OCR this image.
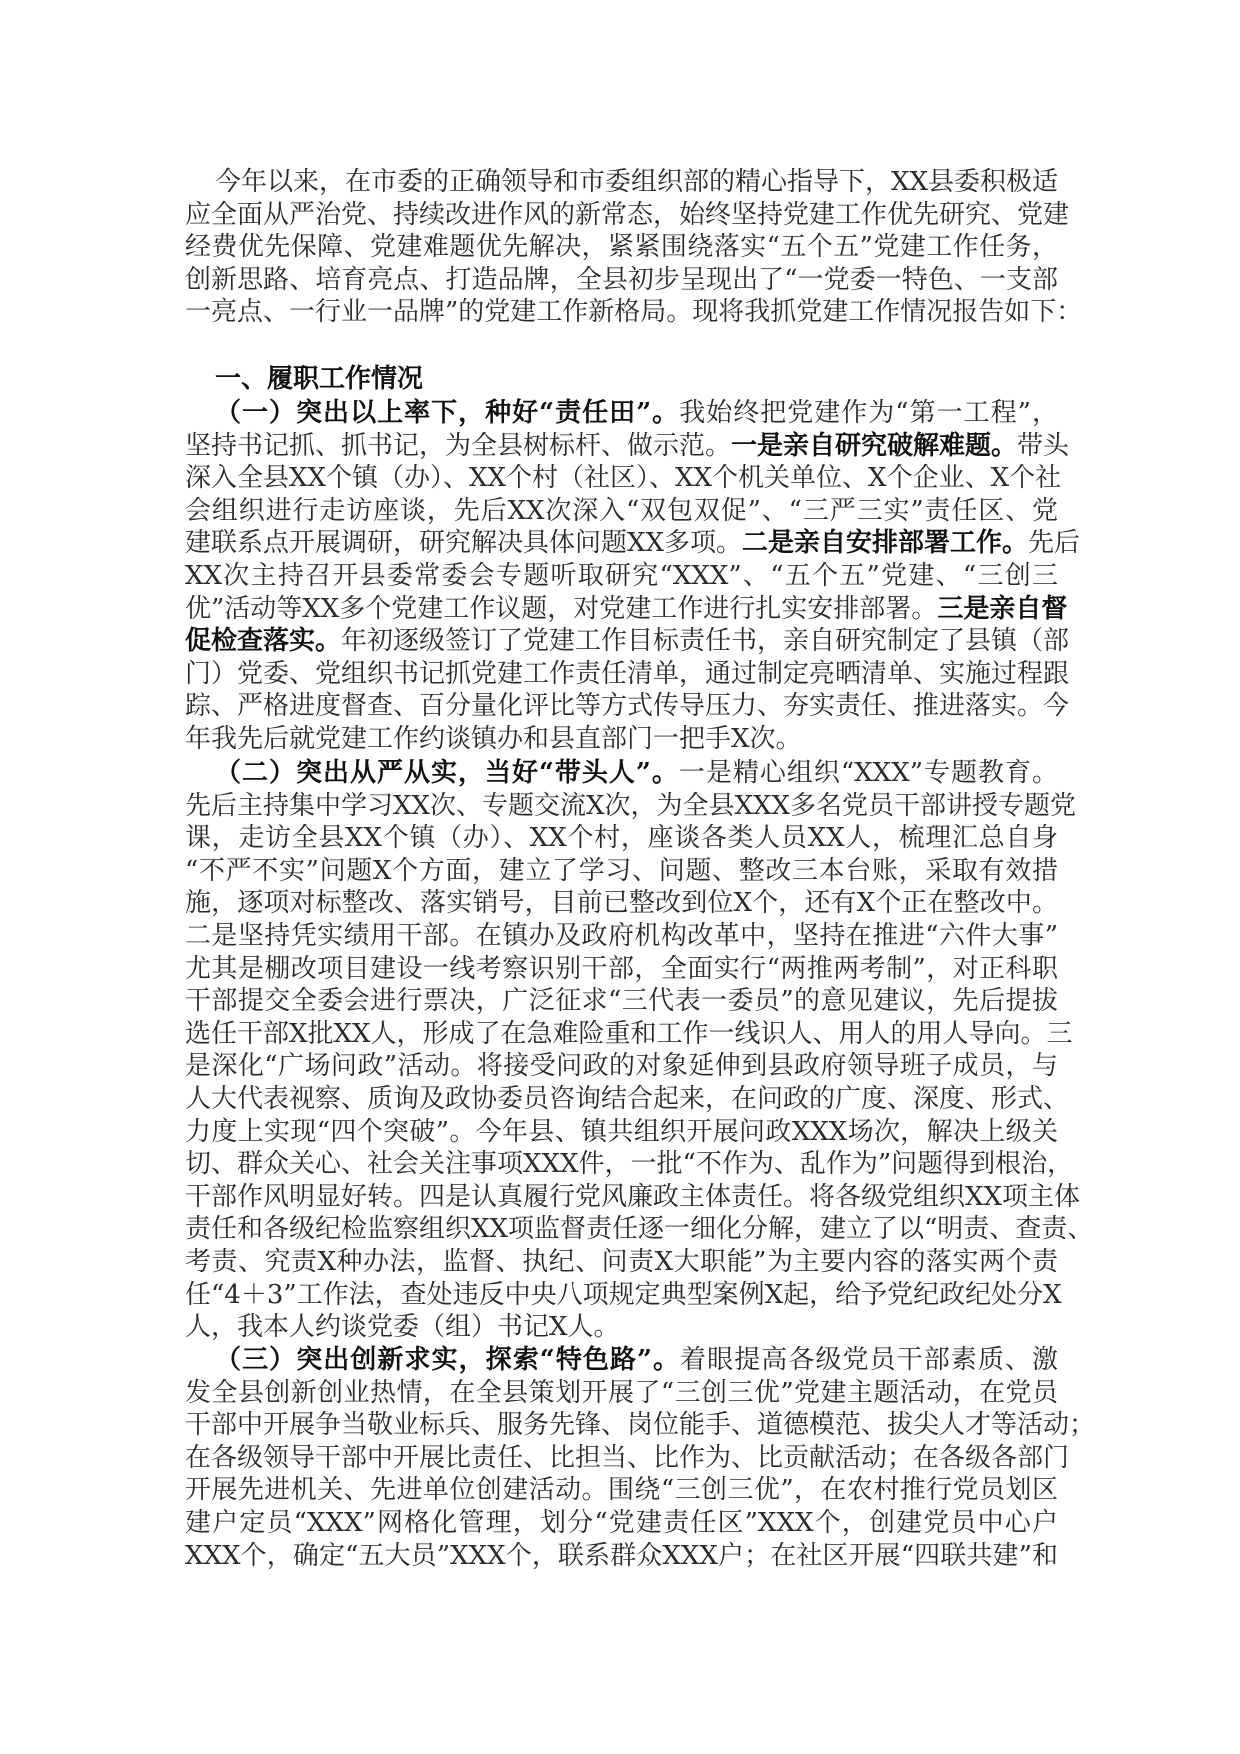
今年以来，在市委的正确领导和市委组织部的精心指导下，XX县委积极适
应全面从严治党、持续改进作风的新常态，始终坚持党建工作优先研究、党建
经费优先保障、党建难题优先解决，紧紧围绕落实“五个五”党建工作任务，
创新思路、培育亮点、打造品牌，全县初步呈现出了“一党委一特色、一支部
一亮点、一行业一品牌”的党建工作新格局。现将我抓党建工作情况报告如下：
一、履职工作情况
（一）突出以上率下，种好“责任田”。我始终把党建作为“第一工程”，
坚持书记抓、抓书记，为全县树标杆、做示范。一是亲自研究破解难题。带头
深入全县XX个镇（办）、XX个村（社区）、XX个机关单位、X个企业、X个社
会组织进行走访座谈，先后XX次深入“双包双促”、“三严三实”责任区、党
建联系点开展调研，研究解决具体问题XX多项。二是亲自安排部署工作。先后
XX次主持召开县委常委会专题听取研究“XXX”、“五个五”党建、“三创三
优”活动等XX多个党建工作议题，对党建工作进行扎实安排部署。三是亲自督
促检查落实。年初逐级签订了党建工作目标责任书，亲自研究制定了县镇（部
门）党委、党组织书记抓党建工作责任清单，通过制定亮晒清单、实施过程跟
踪、严格进度督查、百分量化评比等方式传导压力、夯实责任、推进落实。今
年我先后就党建工作约谈镇办和县直部门一把手X次。
（二）突出从严从实，当好“带头人”。一是精心组织“XXX”专题教育。
先后主持集中学习XX次、专题交流X次，为全县XXX多名党员干部讲授专题党
课，走访全县XX个镇（办）、XX个村，座谈各类人员XX人，梳理汇总自身
“不严不实”问题X个方面，建立了学习、问题、整改三本台账，采取有效措
施，逐项对标整改、落实销号，目前已整改到位X个，还有X个正在整改中。
二是坚持凭实绩用干部。在镇办及政府机构改革中，坚持在推进“六件大事”
尤其是棚改项目建设一线考察识别干部，全面实行“两推两考制”，对正科职
干部提交全委会进行票决，广泛征求“三代表一委员”的意见建议，先后提拔
选任干部X批XX人，形成了在急难险重和工作一线识人、用人的用人导向。三
是深化“广场问政”活动。将接受问政的对象延伸到县政府领导班子成员，与
人大代表视察、质询及政协委员咨询结合起来，在问政的广度、深度、形式、
力度上实现“四个突破”。今年县、镇共组织开展问政XXX场次，解决上级关
切、群众关心、社会关注事项XXX件，一批“不作为、乱作为”问题得到根治，
干部作风明显好转。四是认真履行党风廉政主体责任。将各级党组织XX项主体
责任和各级纪检监察组织XX项监督责任逐一细化分解，建立了以“明责、查责、
考责、究责X种办法，监督、执纪、问责X大职能”为主要内容的落实两个责
任“4＋3”工作法，查处违反中央八项规定典型案例X起，给予党纪政纪处分X
人，我本人约谈党委（组）书记X人。
（三）突出创新求实，探索“特色路”。着眼提高各级党员干部素质、激
发全县创新创业热情，在全县策划开展了“三创三优”党建主题活动，在党员
干部中开展争当敬业标兵、服务先锋、岗位能手、道德模范、拔尖人才等活动；
在各级领导干部中开展比责任、比担当、比作为、比贡献活动；在各级各部门
开展先进机关、先进单位创建活动。围绕“三创三优”，在农村推行党员划区
建户定员“XXX”网格化管理，划分“党建责任区”XXX个，创建党员中心户
XXX个，确定“五大员”XXX个，联系群众XXX户；在社区开展“四联共建”和
